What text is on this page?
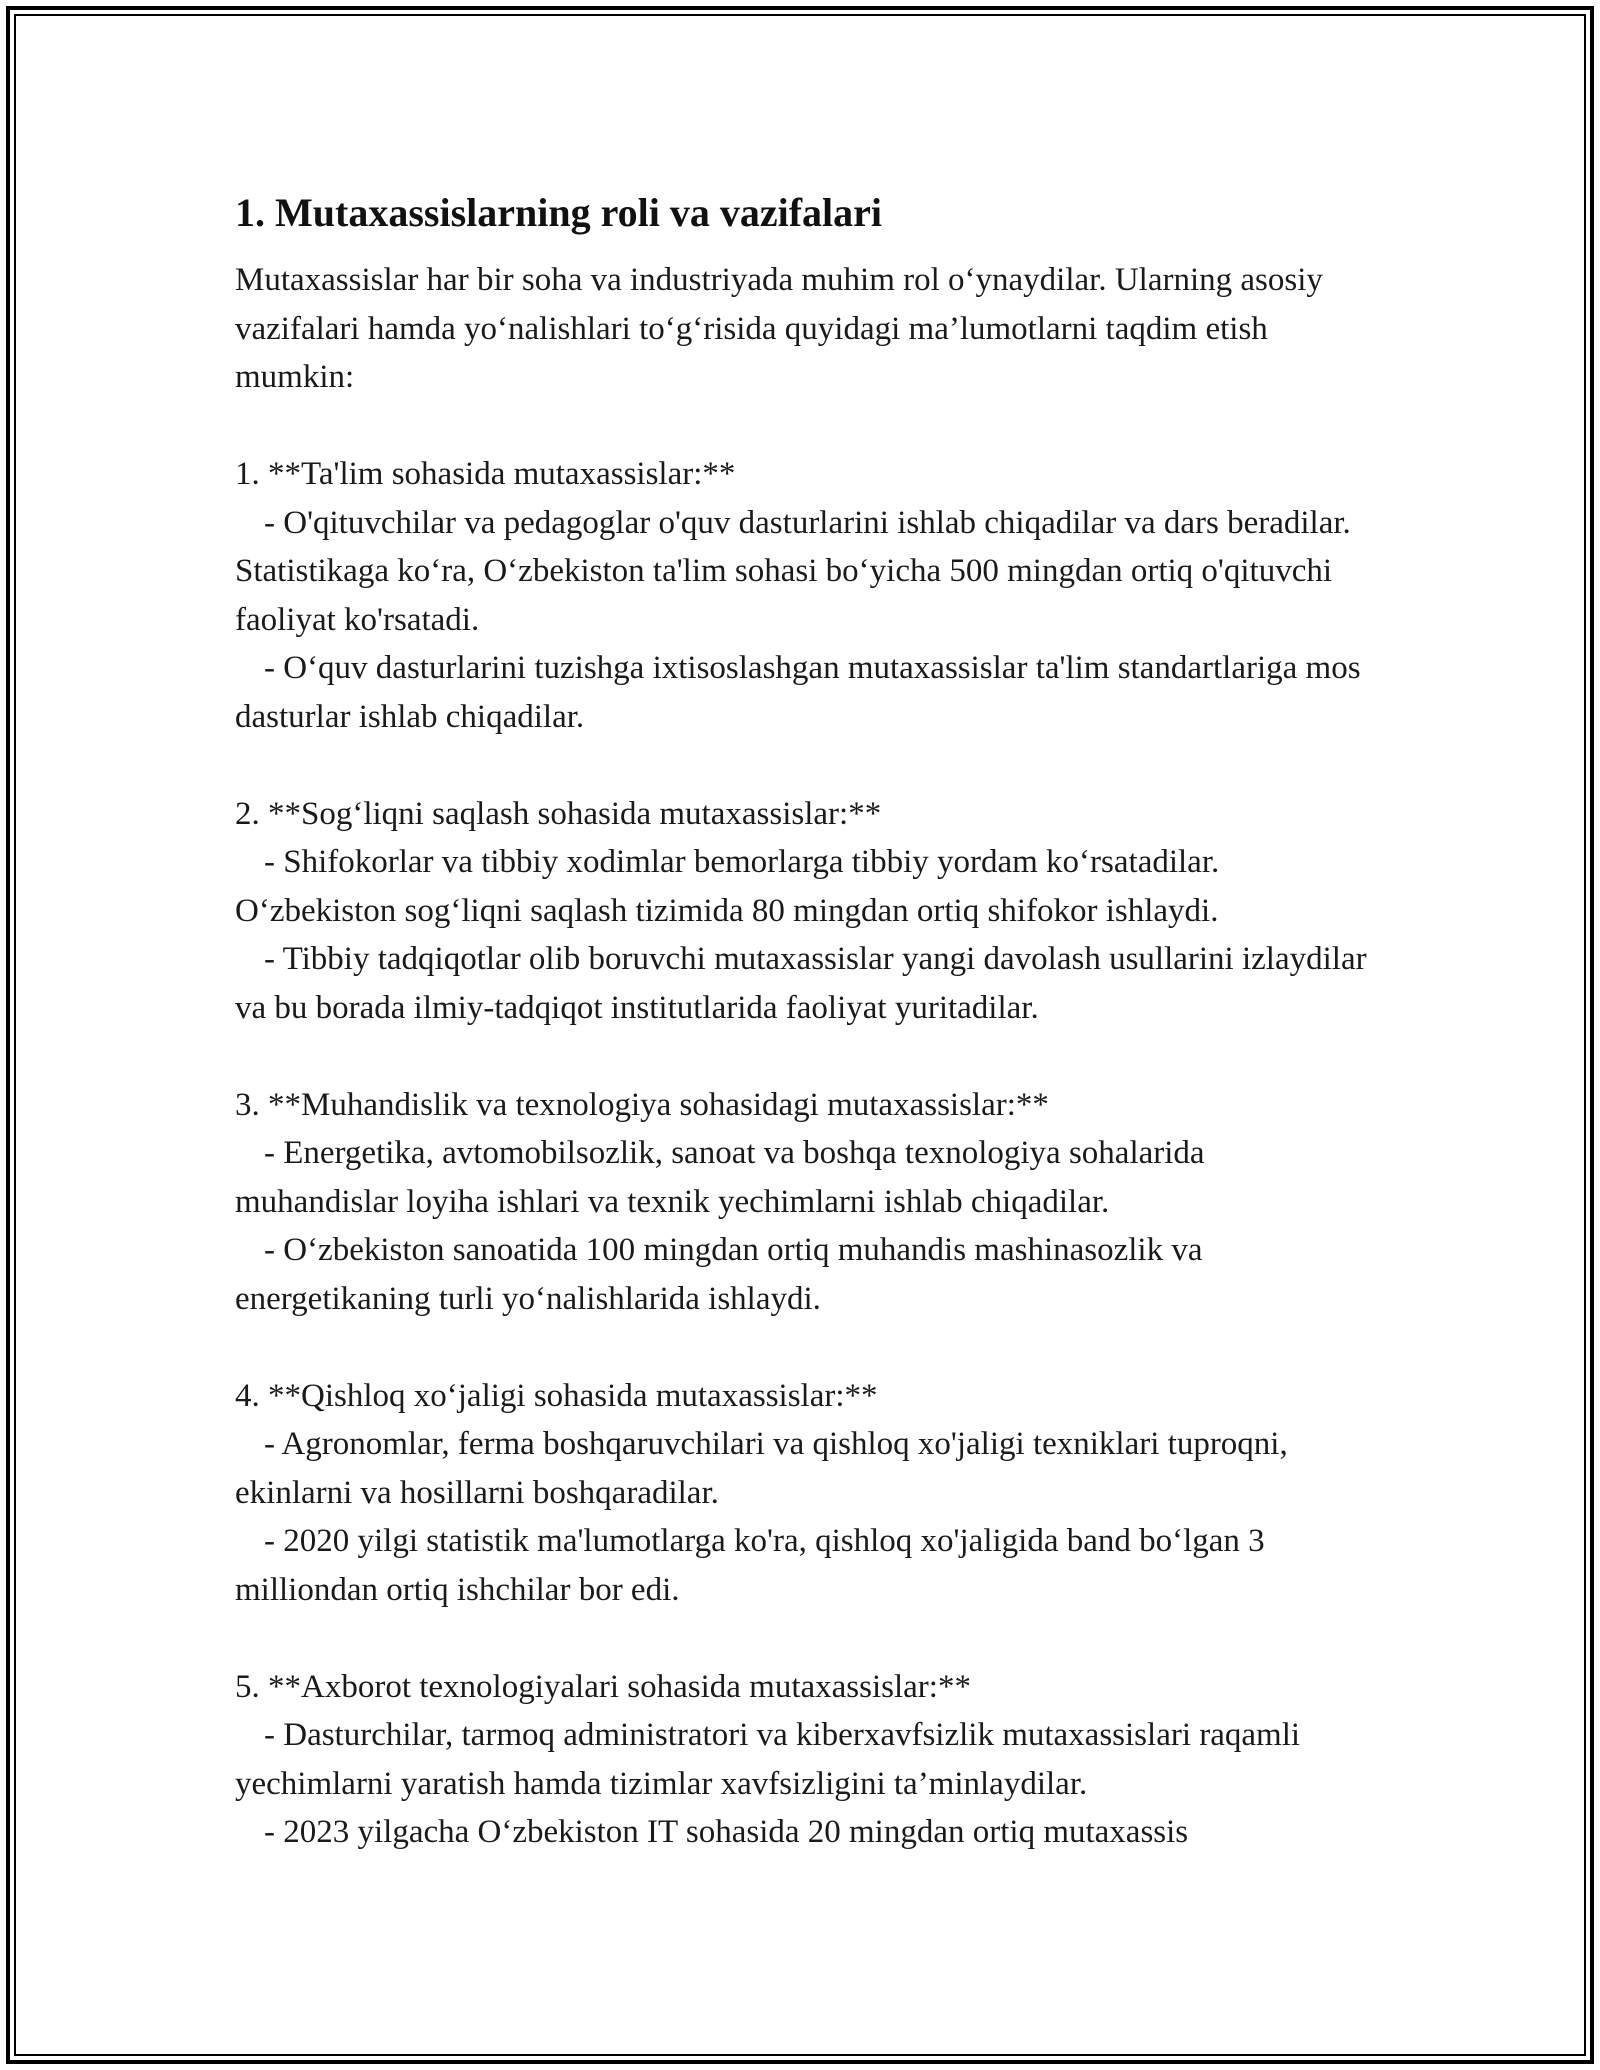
1. Mutaxassislarning roli va vazifalari

Mutaxassislar har bir soha va industriyada muhim rol o‘ynaydilar. Ularning asosiy vazifalari hamda yo‘nalishlari to‘g‘risida quyidagi ma’lumotlarni taqdim etish mumkin:

1. **Ta'lim sohasida mutaxassislar:**

- O'qituvchilar va pedagoglar o'quv dasturlarini ishlab chiqadilar va dars beradilar. Statistikaga ko‘ra, O‘zbekiston ta'lim sohasi bo‘yicha 500 mingdan ortiq o'qituvchi faoliyat ko'rsatadi.

- O‘quv dasturlarini tuzishga ixtisoslashgan mutaxassislar ta'lim standartlariga mos dasturlar ishlab chiqadilar.

2. **Sog‘liqni saqlash sohasida mutaxassislar:**

- Shifokorlar va tibbiy xodimlar bemorlarga tibbiy yordam ko‘rsatadilar. O‘zbekiston sog‘liqni saqlash tizimida 80 mingdan ortiq shifokor ishlaydi.

- Tibbiy tadqiqotlar olib boruvchi mutaxassislar yangi davolash usullarini izlaydilar va bu borada ilmiy-tadqiqot institutlarida faoliyat yuritadilar.

3. **Muhandislik va texnologiya sohasidagi mutaxassislar:**

- Energetika, avtomobilsozlik, sanoat va boshqa texnologiya sohalarida muhandislar loyiha ishlari va texnik yechimlarni ishlab chiqadilar.

- O‘zbekiston sanoatida 100 mingdan ortiq muhandis mashinasozlik va energetikaning turli yo‘nalishlarida ishlaydi.

4. **Qishloq xo‘jaligi sohasida mutaxassislar:**

- Agronomlar, ferma boshqaruvchilari va qishloq xo'jaligi texniklari tuproqni, ekinlarni va hosillarni boshqaradilar.

- 2020 yilgi statistik ma'lumotlarga ko'ra, qishloq xo'jaligida band bo‘lgan 3 milliondan ortiq ishchilar bor edi.

5. **Axborot texnologiyalari sohasida mutaxassislar:**

- Dasturchilar, tarmoq administratori va kiberxavfsizlik mutaxassislari raqamli yechimlarni yaratish hamda tizimlar xavfsizligini ta’minlaydilar.

- 2023 yilgacha O‘zbekiston IT sohasida 20 mingdan ortiq mutaxassis
